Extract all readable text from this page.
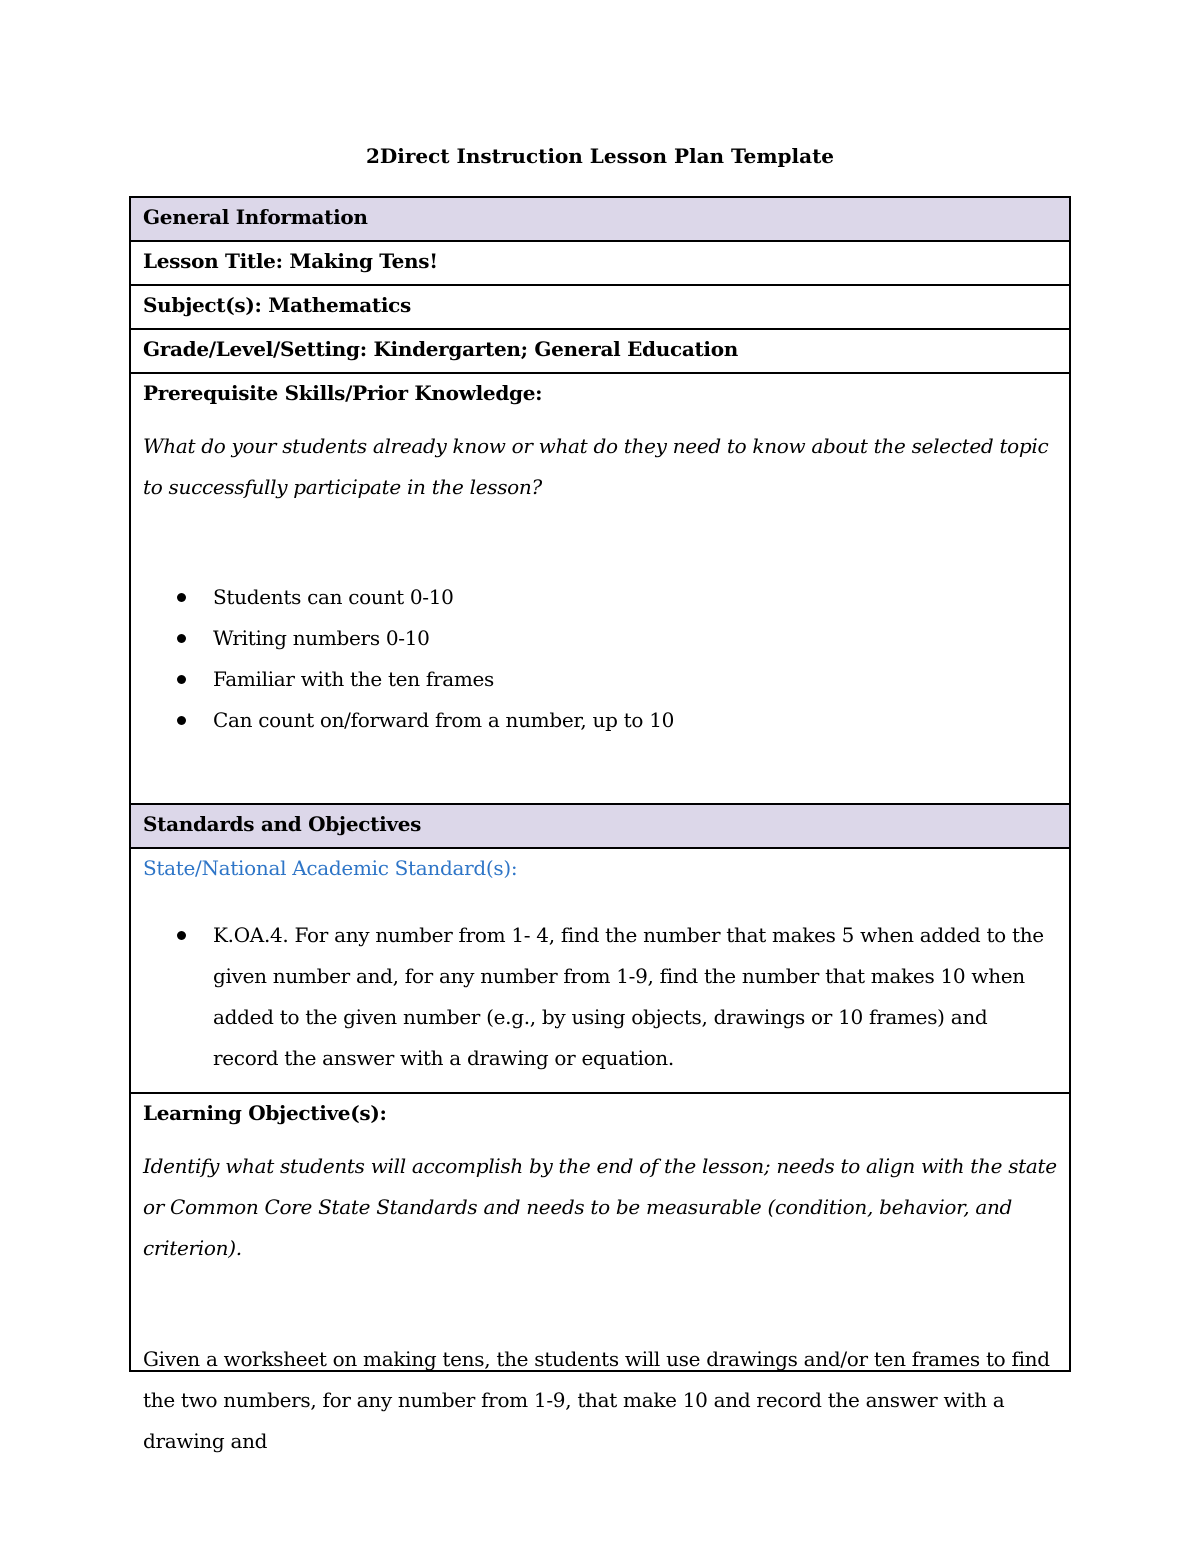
2Direct Instruction Lesson Plan Template
General Information
Lesson Title: Making Tens!
Subject(s): Mathematics
Grade/Level/Setting: Kindergarten; General Education
Prerequisite Skills/Prior Knowledge:

What do your students already know or what do they need to know about the selected topic to successfully participate in the lesson?

Students can count 0-10
Writing numbers 0-10
Familiar with the ten frames
Can count on/forward from a number, up to 10
Standards and Objectives
State/National Academic Standard(s):
K.OA.4. For any number from 1- 4, find the number that makes 5 when added to the given number and, for any number from 1-9, find the number that makes 10 when added to the given number (e.g., by using objects, drawings or 10 frames) and record the answer with a drawing or equation.
Learning Objective(s):

Identify what students will accomplish by the end of the lesson; needs to align with the state or Common Core State Standards and needs to be measurable (condition, behavior, and criterion).

Given a worksheet on making tens, the students will use drawings and/or ten frames to find the two numbers, for any number from 1-9, that make 10 and record the answer with a drawing and
